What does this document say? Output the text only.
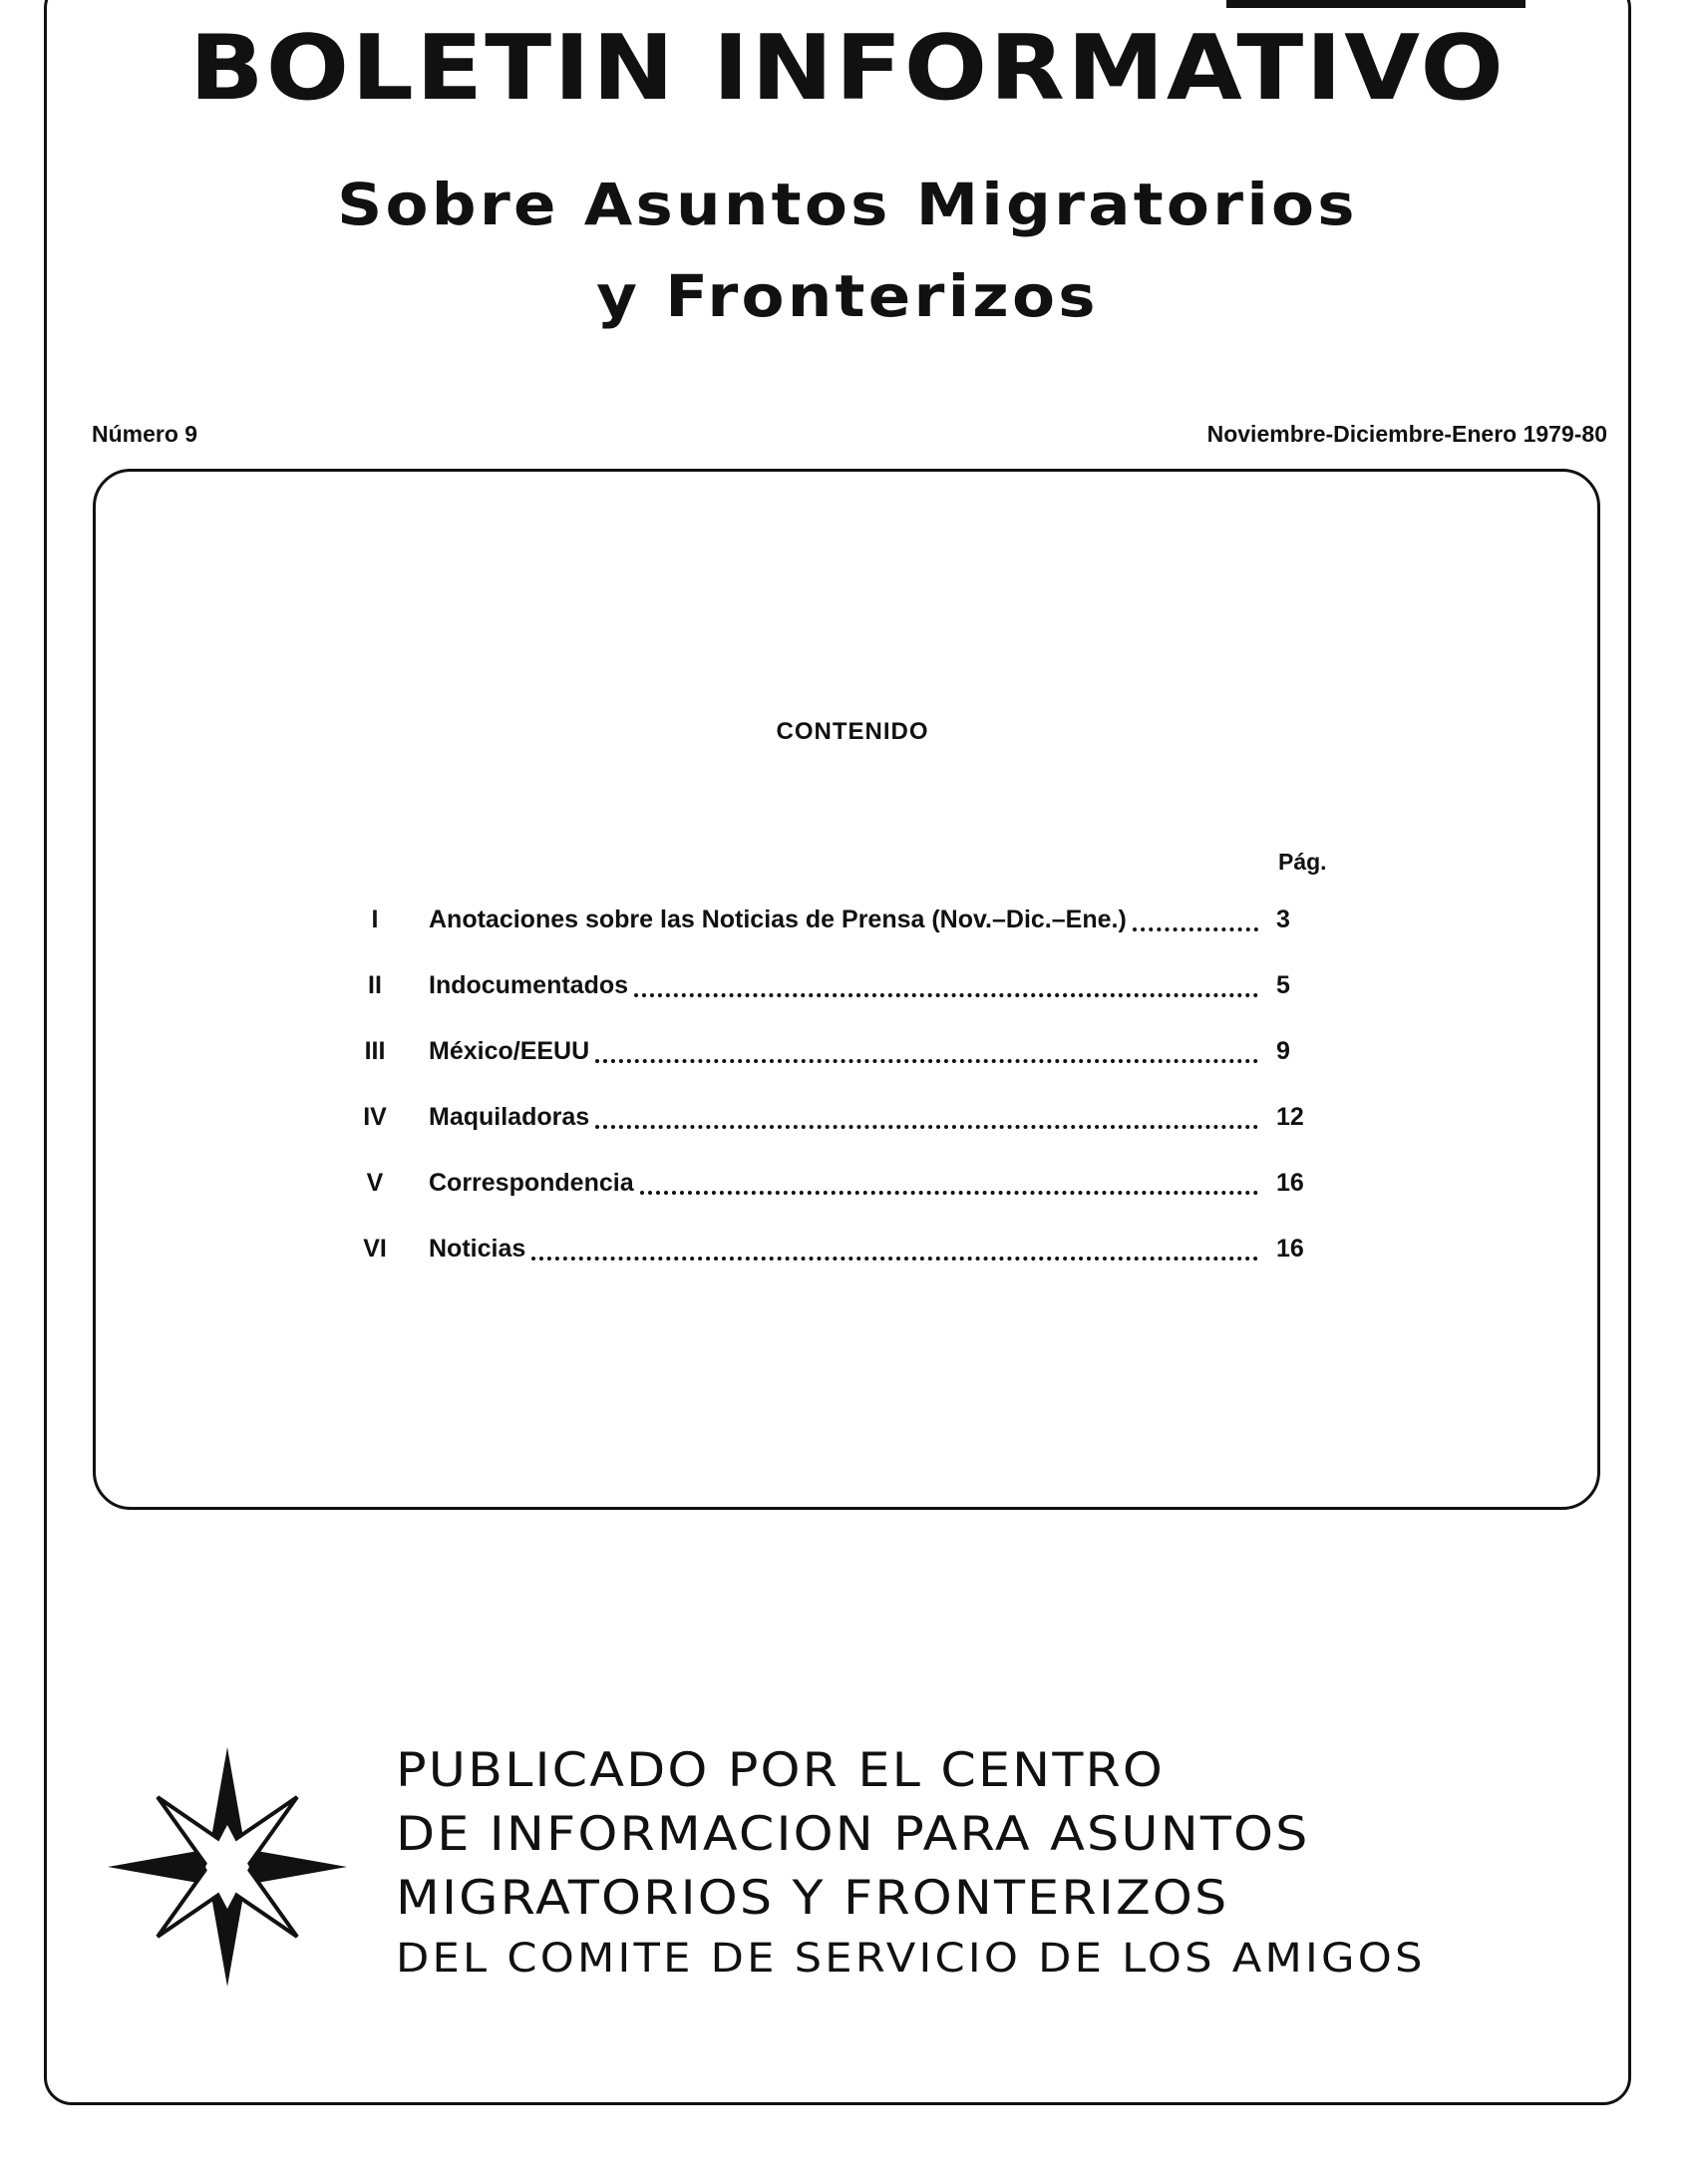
BOLETIN INFORMATIVO
Sobre Asuntos Migratorios
y Fronterizos
Número 9	Noviembre-Diciembre-Enero 1979-80
CONTENIDO
Pág.
I	Anotaciones sobre las Noticias de Prensa (Nov.–Dic.–Ene.)	3
II	Indocumentados	5
III	México/EEUU	9
IV	Maquiladoras	12
V	Correspondencia	16
VI	Noticias	16
PUBLICADO POR EL CENTRO
DE INFORMACION PARA ASUNTOS
MIGRATORIOS Y FRONTERIZOS
DEL COMITE DE SERVICIO DE LOS AMIGOS
